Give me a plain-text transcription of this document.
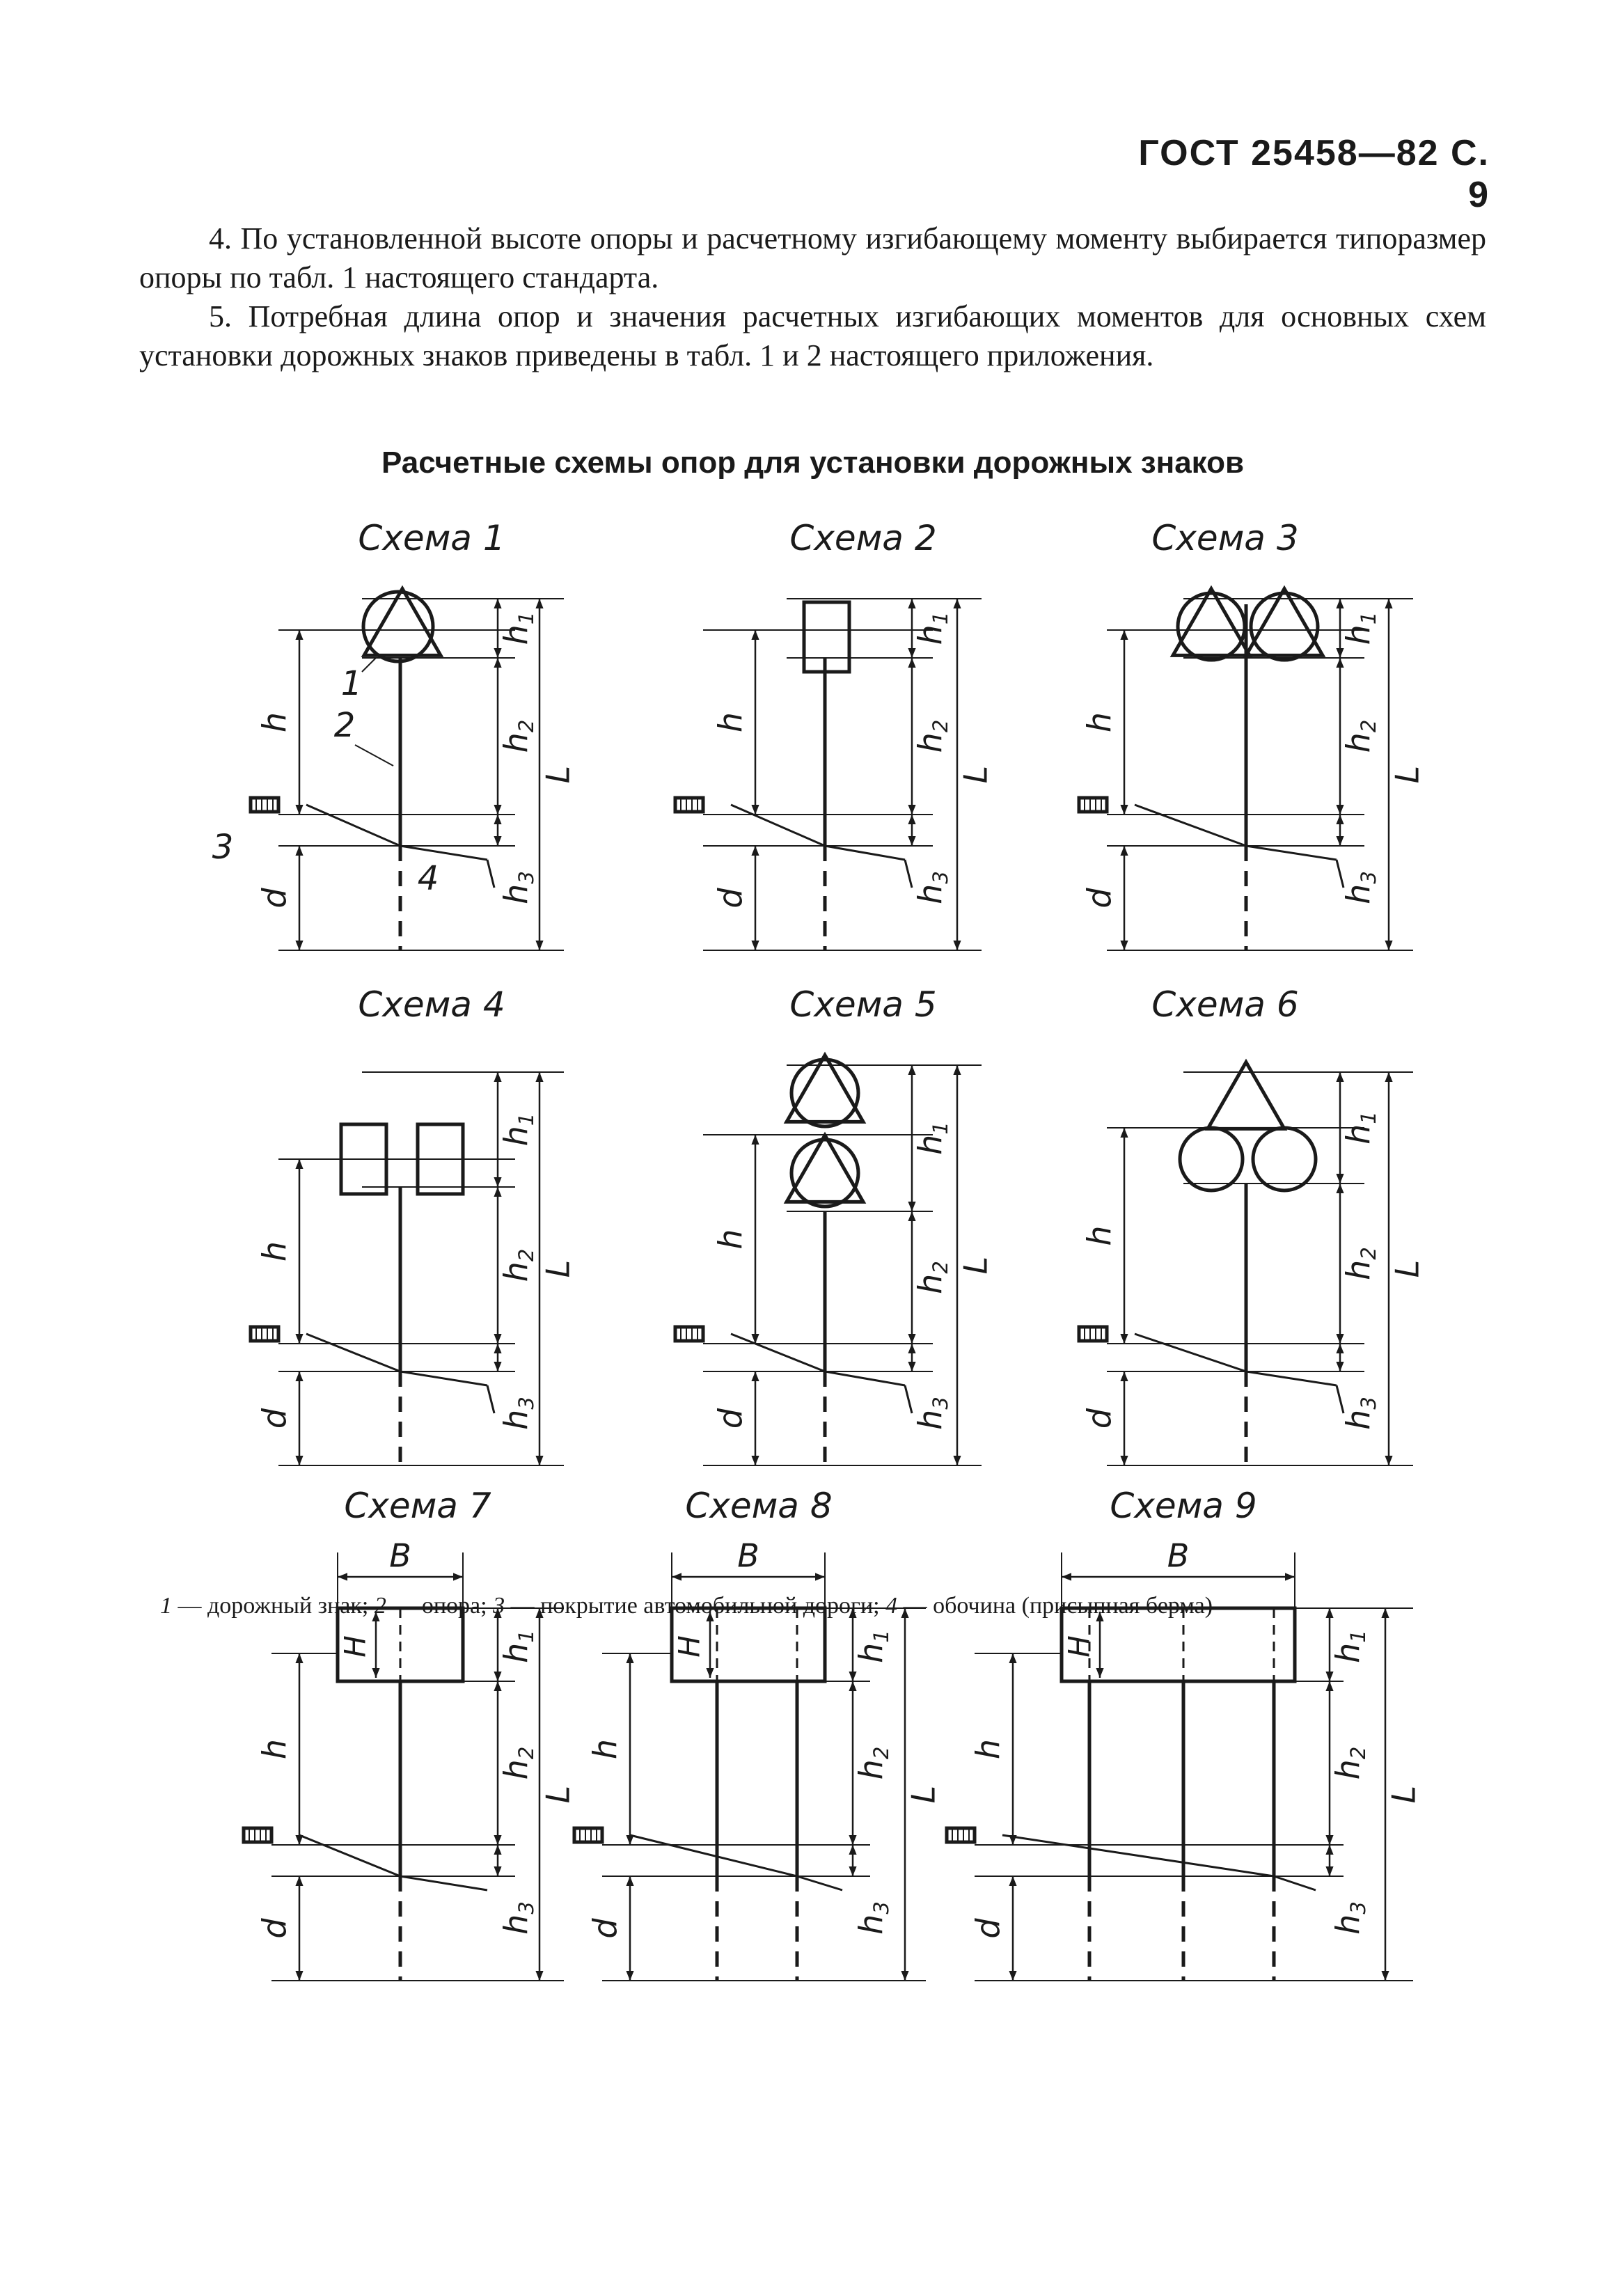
ГОСТ 25458—82 С. 9

4. По установленной высоте опоры и расчетному изгибающему моменту выбирается типоразмер опоры по табл. 1 настоящего стандарта.

5. Потребная длина опор и значения расчетных изгибающих моментов для основных схем установки дорожных знаков приведены в табл. 1 и 2 настоящего приложения.

Расчетные схемы опор для установки дорожных знаков
Схема 1	Схема 2	Схема 3
Схема 4	Схема 5	Схема 6
Схема 7	Схема 8	Схема 9
h
d
$h_1$
$h_2$
$h_3$
L
h
d
$h_1$
$h_2$
$h_3$
L
h
d
$h_1$
$h_2$
$h_3$
L
1
2
3
4
h
d
$h_1$
$h_2$
$h_3$
L
h
d
$h_1$
$h_2$
$h_3$
L
h
d
$h_1$
$h_2$
$h_3$
L
B
H
h
d
$h_1$
$h_2$
$h_3$
L
B
H
h
d
$h_1$
$h_2$
$h_3$
L
B
H
h
d
$h_1$
$h_2$
$h_3$
L
1 — дорожный знак; 2 — опора; 3 — покрытие автомобильной дороги; 4 — обочина (присыпная берма)
